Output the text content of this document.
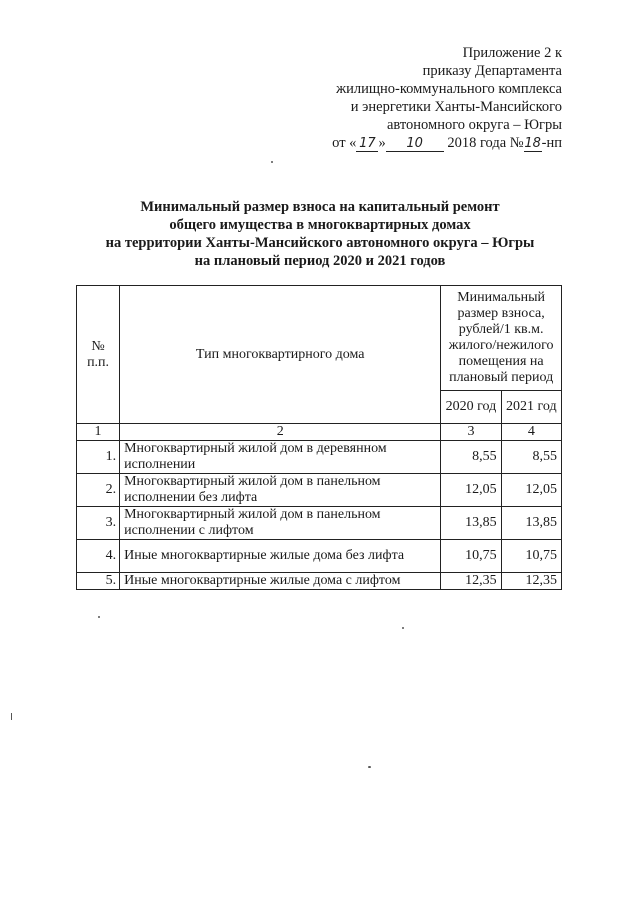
Приложение 2 к
приказу Департамента
жилищно-коммунального комплекса
и энергетики Ханты-Мансийского
автономного округа – Югры
от « 17 » 10 2018 года №18-нп
Минимальный размер взноса на капитальный ремонт
общего имущества в многоквартирных домах
на территории Ханты-Мансийского автономного округа – Югры
на плановый период 2020 и 2021 годов
№ п.п.	Тип многоквартирного дома	Минимальный размер взноса, рублей/1 кв.м. жилого/нежилого помещения на плановый период	
		2020 год	2021 год
1	2	3	4
1.	Многоквартирный жилой дом в деревянном исполнении	8,55	8,55
2.	Многоквартирный жилой дом в панельном исполнении без лифта	12,05	12,05
3.	Многоквартирный жилой дом в панельном исполнении с лифтом	13,85	13,85
4.	Иные многоквартирные жилые дома без лифта	10,75	10,75
5.	Иные многоквартирные жилые дома с лифтом	12,35	12,35
